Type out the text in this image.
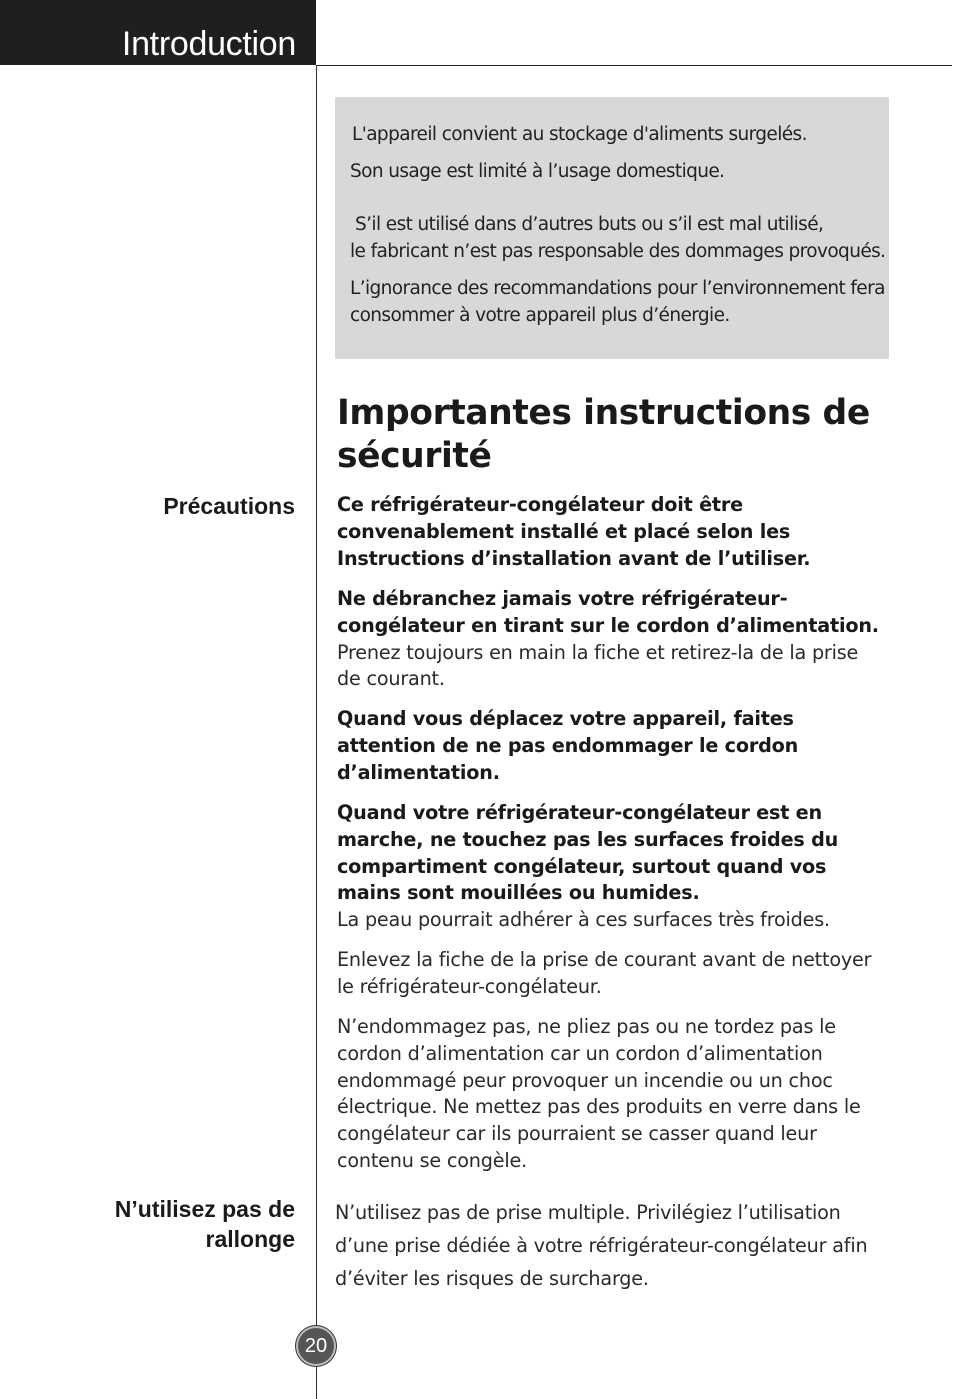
Introduction

L'appareil convient au stockage d'aliments surgelés.

Son usage est limité à l’usage domestique.

S’il est utilisé dans d’autres buts ou s’il est mal utilisé,

le fabricant n’est pas responsable des dommages provoqués.

L’ignorance des recommandations pour l’environnement fera

consommer à votre appareil plus d’énergie.

Importantes instructions de sécurité

Précautions Ce réfrigérateur-congélateur doit être
convenablement installé et placé selon les
Instructions d’installation avant de l’utiliser.
Ne débranchez jamais votre réfrigérateur-
congélateur en tirant sur le cordon d’alimentation.
Prenez toujours en main la fiche et retirez-la de la prise
de courant.
Quand vous déplacez votre appareil, faites
attention de ne pas endommager le cordon
d’alimentation.
Quand votre réfrigérateur-congélateur est en
marche, ne touchez pas les surfaces froides du
compartiment congélateur, surtout quand vos
mains sont mouillées ou humides.
La peau pourrait adhérer à ces surfaces très froides.
Enlevez la fiche de la prise de courant avant de nettoyer
le réfrigérateur-congélateur.
N’endommagez pas, ne pliez pas ou ne tordez pas le
cordon d’alimentation car un cordon d’alimentation
endommagé peur provoquer un incendie ou un choc
électrique. Ne mettez pas des produits en verre dans le
congélateur car ils pourraient se casser quand leur
contenu se congèle.

N’utilisez pas de
rallonge

N’utilisez pas de prise multiple. Privilégiez l’utilisation
d’une prise dédiée à votre réfrigérateur-congélateur afin
d’éviter les risques de surcharge.
20
